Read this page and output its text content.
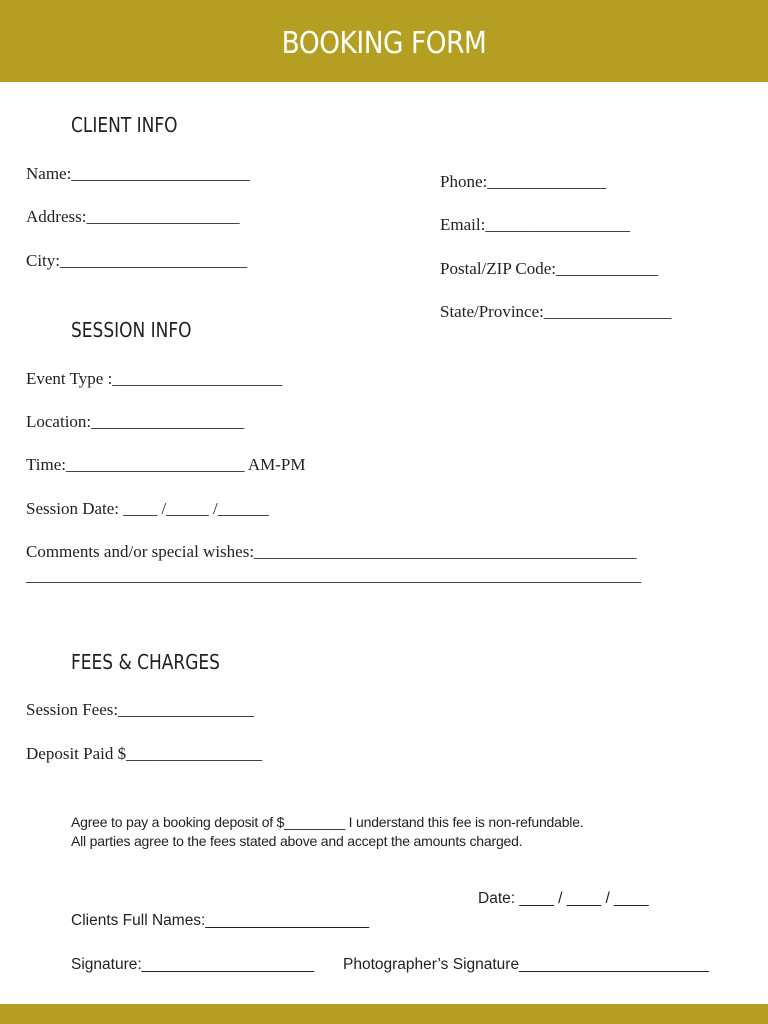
BOOKING FORM
CLIENT INFO
Name:_____________________
Address:__________________
City:______________________
Phone:______________
Email:_________________
Postal/ZIP Code:____________
State/Province:_______________
SESSION INFO
Event Type :____________________
Location:__________________
Time:_____________________ AM-PM
Session Date: ____ /_____ /______
Comments and/or special wishes:_____________________________________________
___________________________________________________________________________
FEES & CHARGES
Session Fees:________________
Deposit Paid $________________
Agree to pay a booking deposit of $________ I understand this fee is non-refundable.
All parties agree to the fees stated above and accept the amounts charged.
Date: ____ / ____ / ____
Clients Full Names:___________________
Signature:____________________ Photographer’s Signature______________________
